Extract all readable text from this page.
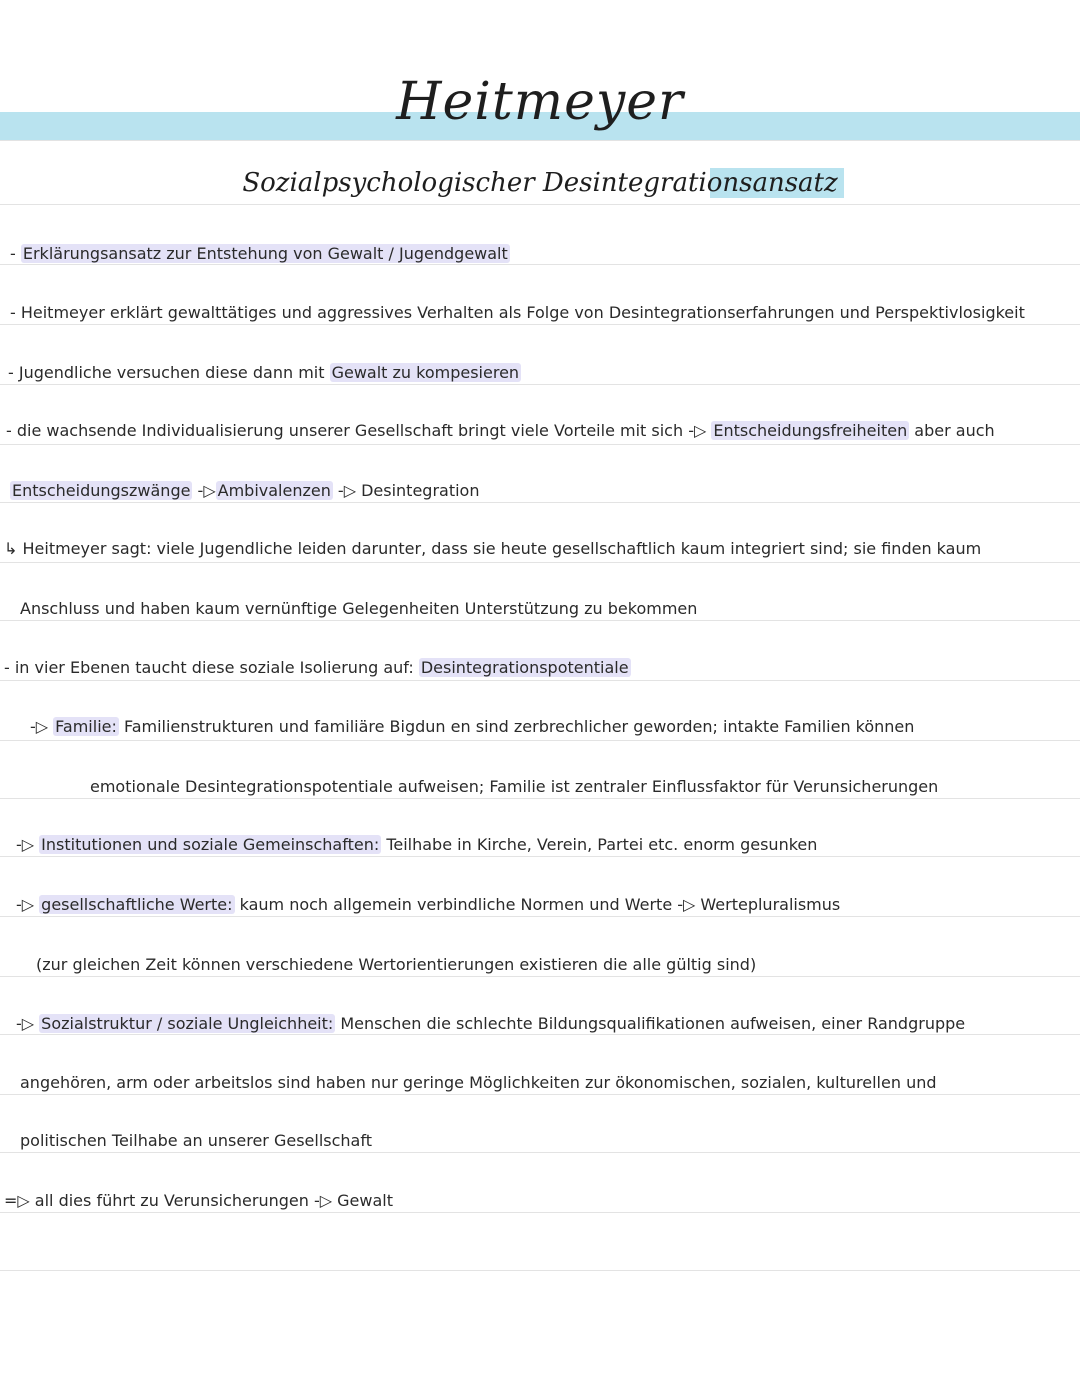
Heitmeyer
Sozialpsychologischer Desintegrationsansatz
- Erklärungsansatz zur Entstehung von Gewalt / Jugendgewalt
- Heitmeyer erklärt gewalttätiges und aggressives Verhalten als Folge von Desintegrationserfahrungen und Perspektivlosigkeit
- Jugendliche versuchen diese dann mit Gewalt zu kompesieren
- die wachsende Individualisierung unserer Gesellschaft bringt viele Vorteile mit sich -▷ Entscheidungsfreiheiten aber auch
Entscheidungszwänge -▷ Ambivalenzen -▷ Desintegration
↳ Heitmeyer sagt: viele Jugendliche leiden darunter, dass sie heute gesellschaftlich kaum integriert sind; sie finden kaum
Anschluss und haben kaum vernünftige Gelegenheiten Unterstützung zu bekommen
- in vier Ebenen taucht diese soziale Isolierung auf: Desintegrationspotentiale
-▷ Familie: Familienstrukturen und familiäre Bigdun en sind zerbrechlicher geworden; intakte Familien können
emotionale Desintegrationspotentiale aufweisen; Familie ist zentraler Einflussfaktor für Verunsicherungen
-▷ Institutionen und soziale Gemeinschaften: Teilhabe in Kirche, Verein, Partei etc. enorm gesunken
-▷ gesellschaftliche Werte: kaum noch allgemein verbindliche Normen und Werte -▷ Wertepluralismus
(zur gleichen Zeit können verschiedene Wertorientierungen existieren die alle gültig sind)
-▷ Sozialstruktur / soziale Ungleichheit: Menschen die schlechte Bildungsqualifikationen aufweisen, einer Randgruppe
angehören, arm oder arbeitslos sind haben nur geringe Möglichkeiten zur ökonomischen, sozialen, kulturellen und
politischen Teilhabe an unserer Gesellschaft
=▷ all dies führt zu Verunsicherungen -▷ Gewalt
